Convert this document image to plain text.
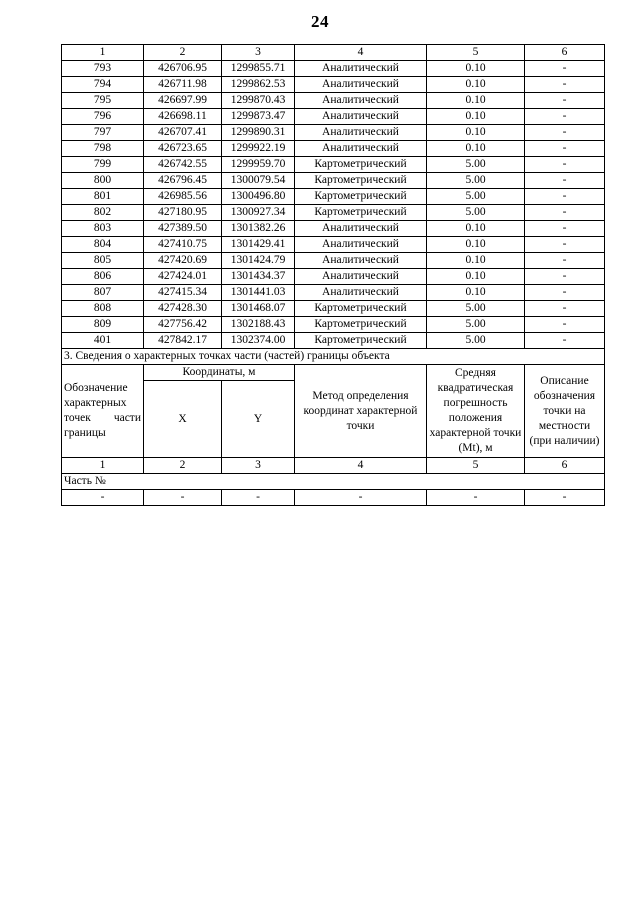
24
1	2	3	4	5	6
793	426706.95	1299855.71	Аналитический	0.10	-
794	426711.98	1299862.53	Аналитический	0.10	-
795	426697.99	1299870.43	Аналитический	0.10	-
796	426698.11	1299873.47	Аналитический	0.10	-
797	426707.41	1299890.31	Аналитический	0.10	-
798	426723.65	1299922.19	Аналитический	0.10	-
799	426742.55	1299959.70	Картометрический	5.00	-
800	426796.45	1300079.54	Картометрический	5.00	-
801	426985.56	1300496.80	Картометрический	5.00	-
802	427180.95	1300927.34	Картометрический	5.00	-
803	427389.50	1301382.26	Аналитический	0.10	-
804	427410.75	1301429.41	Аналитический	0.10	-
805	427420.69	1301424.79	Аналитический	0.10	-
806	427424.01	1301434.37	Аналитический	0.10	-
807	427415.34	1301441.03	Аналитический	0.10	-
808	427428.30	1301468.07	Картометрический	5.00	-
809	427756.42	1302188.43	Картометрический	5.00	-
401	427842.17	1302374.00	Картометрический	5.00	-
3. Сведения о характерных точках части (частей) границы объекта					
Обозначение характерных точек части границы	Координаты, м		Метод определения координат характерной точки	Средняя квадратическая погрешность положения характерной точки (Mt), м	Описание обозначения точки на местности (при наличии)
	X	Y			
1	2	3	4	5	6
Часть №					
-	-	-	-	-	-
